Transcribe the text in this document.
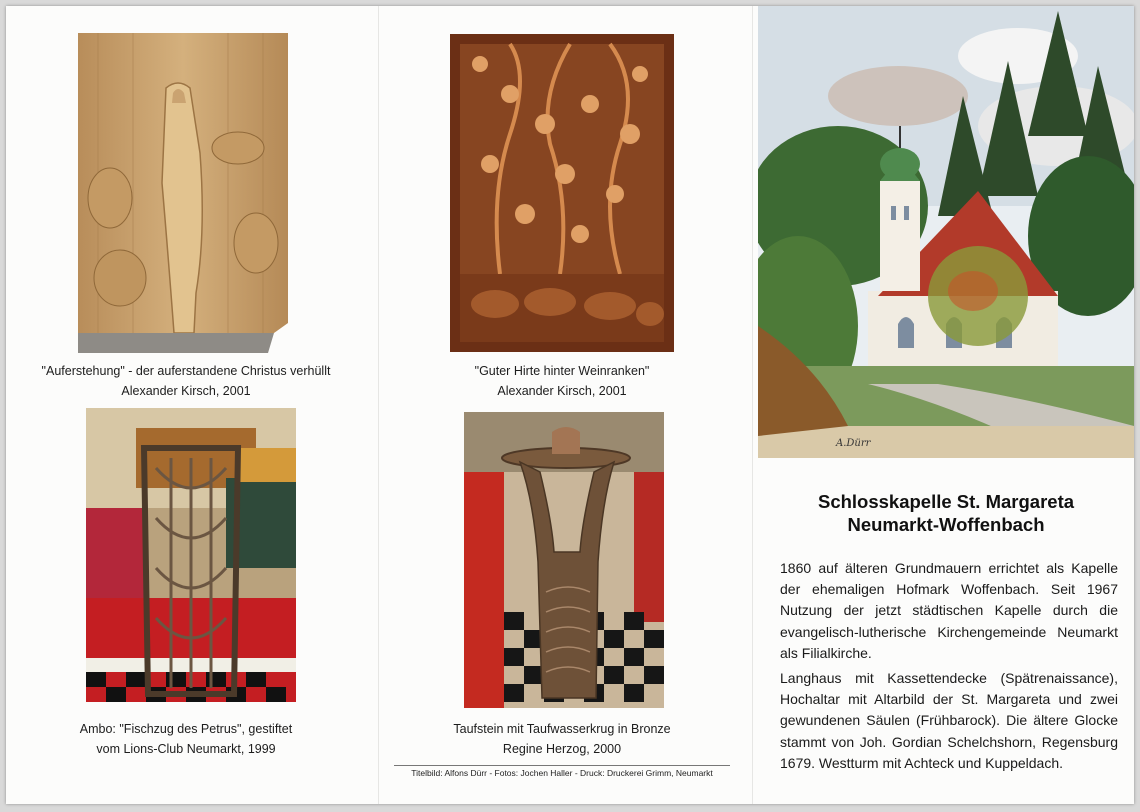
"Auferstehung" - der auferstandene Christus verhüllt
Alexander Kirsch, 2001
Ambo: "Fischzug des Petrus", gestiftet
vom Lions-Club Neumarkt, 1999
"Guter Hirte hinter Weinranken"
Alexander Kirsch, 2001
Taufstein mit Taufwasserkrug in Bronze
Regine Herzog, 2000
Titelbild: Alfons Dürr - Fotos: Jochen Haller - Druck: Druckerei Grimm, Neumarkt
A.Dürr
Schlosskapelle St. Margareta
Neumarkt-Woffenbach
1860 auf älteren Grundmauern errichtet als Kapelle der ehemaligen Hofmark Woffenbach. Seit 1967 Nutzung der jetzt städtischen Kapelle durch die evangelisch-lutherische Kirchengemeinde Neumarkt als Filialkirche.
Langhaus mit Kassettendecke (Spätrenaissance), Hochaltar mit Altarbild der St. Margareta und zwei gewundenen Säulen (Frühbarock). Die ältere Glocke stammt von Joh. Gordian Schelchshorn, Regensburg 1679. Westturm mit Achteck und Kuppeldach.
